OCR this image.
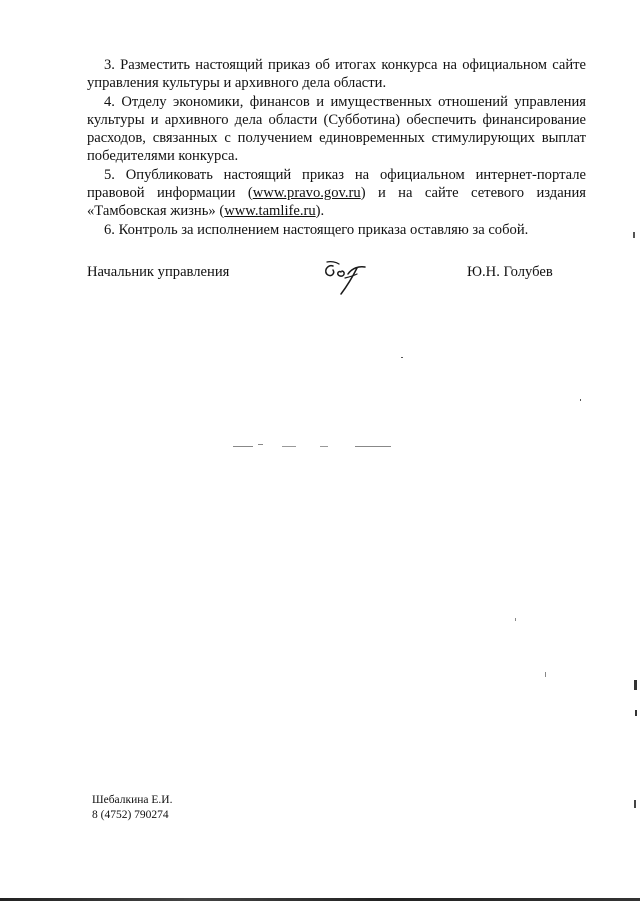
3. Разместить настоящий приказ об итогах конкурса на официальном сайте управления культуры и архивного дела области.

4. Отделу экономики, финансов и имущественных отношений управления культуры и архивного дела области (Субботина) обеспечить финансирование расходов, связанных с получением единовременных стимулирующих выплат победителями конкурса.

5. Опубликовать настоящий приказ на официальном интернет-портале правовой информации (www.pravo.gov.ru) и на сайте сетевого издания «Тамбовская жизнь» (www.tamlife.ru).

6. Контроль за исполнением настоящего приказа оставляю за собой.

Начальник управления	Ю.Н. Голубев
Шебалкина Е.И.
8 (4752) 790274
